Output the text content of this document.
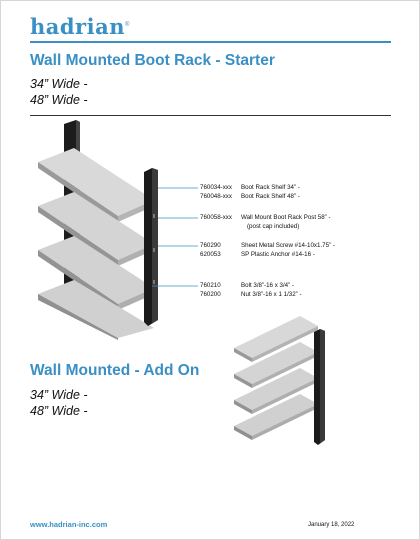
hadrian®
Wall Mounted Boot Rack - Starter
34” Wide -
48” Wide -
760034-xxx Boot Rack Shelf 34” -
760048-xxx Boot Rack Shelf 48” -
760058-xxx Wall Mount Boot Rack Post 58” -
(post cap included)
760290	Sheet Metal Screw #14-10x1.75” -
620053	SP Plastic Anchor #14-16 -
760210	Bolt 3/8”-16 x 3/4” -
760200	Nut 3/8”-16 x 1 1/32” -
Wall Mounted - Add On
34” Wide -
48” Wide -
www.hadrian-inc.com	January 18, 2022
